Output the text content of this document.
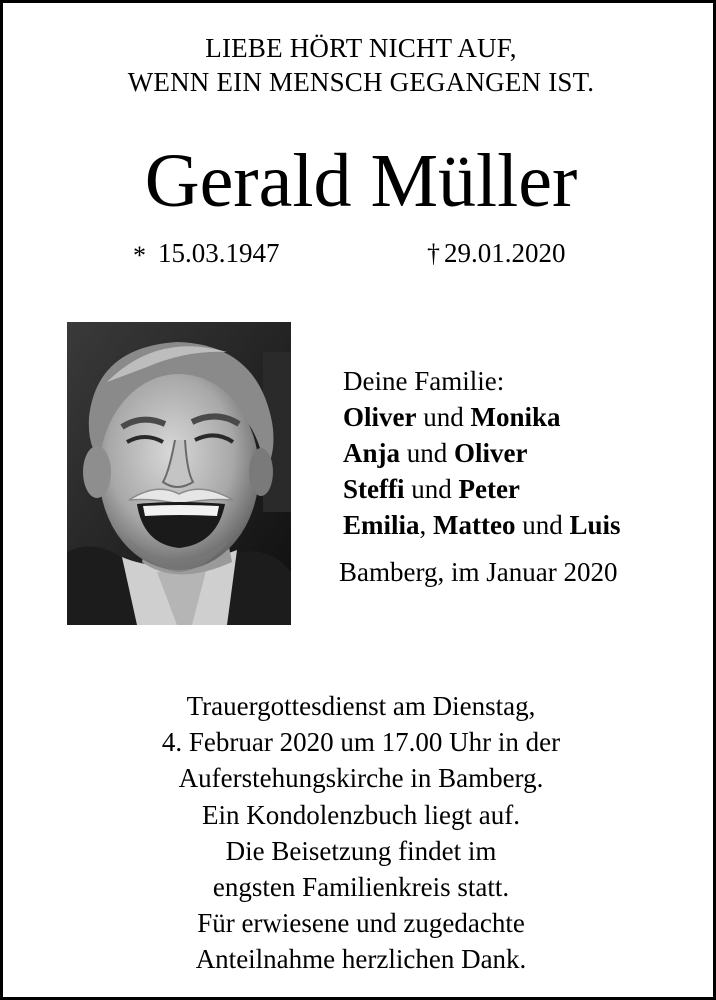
LIEBE HÖRT NICHT AUF,
WENN EIN MENSCH GEGANGEN IST.
Gerald Müller
* 15.03.1947	† 29.01.2020
Deine Familie:
Oliver und Monika
Anja und Oliver
Steffi und Peter
Emilia, Matteo und Luis
Bamberg, im Januar 2020
Trauergottesdienst am Dienstag,
4. Februar 2020 um 17.00 Uhr in der
Auferstehungskirche in Bamberg.
Ein Kondolenzbuch liegt auf.
Die Beisetzung findet im
engsten Familienkreis statt.
Für erwiesene und zugedachte
Anteilnahme herzlichen Dank.
